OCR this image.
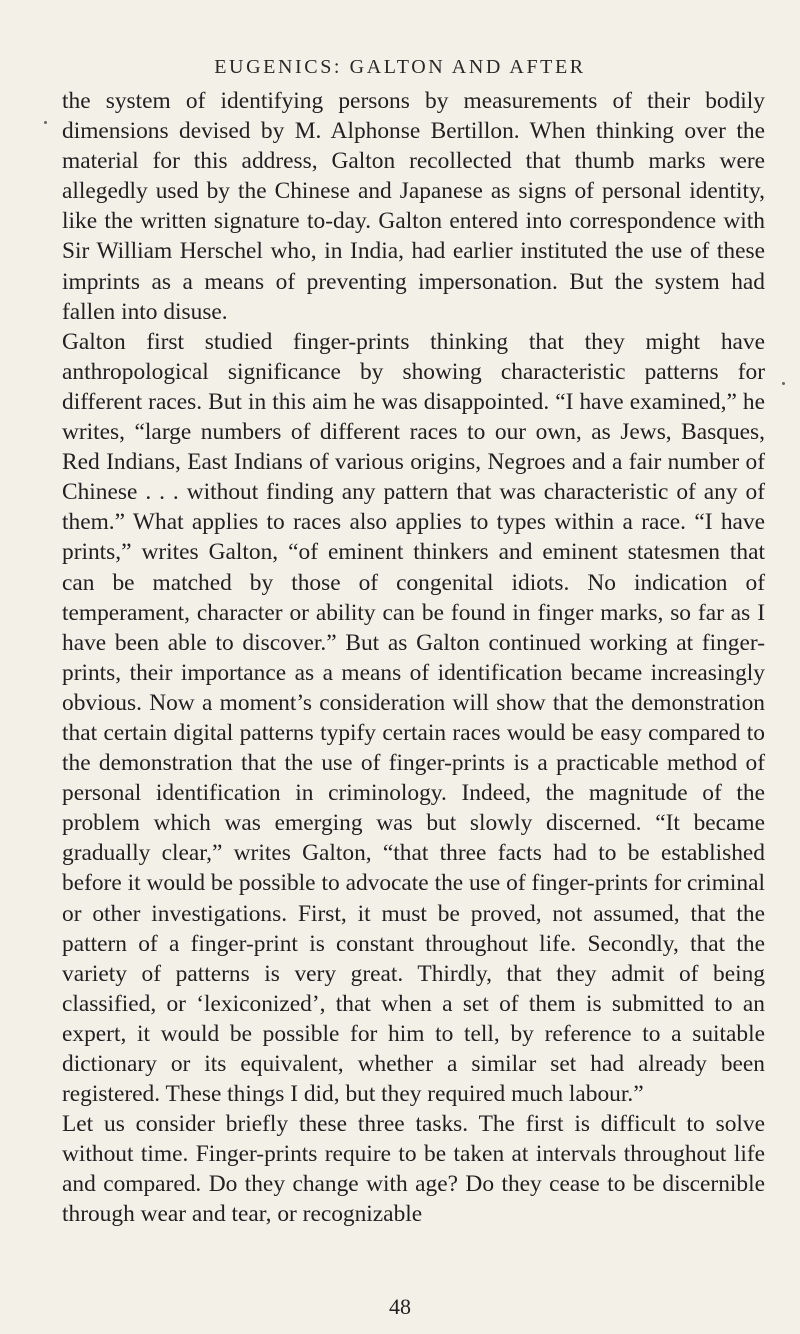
EUGENICS: GALTON AND AFTER

the system of identifying persons by measurements of their bodily dimensions devised by M. Alphonse Bertillon. When thinking over the material for this address, Galton recollected that thumb marks were allegedly used by the Chinese and Japanese as signs of personal identity, like the written signature to-day. Galton entered into correspondence with Sir William Herschel who, in India, had earlier instituted the use of these imprints as a means of preventing impersonation. But the system had fallen into disuse.

Galton first studied finger-prints thinking that they might have anthropological significance by showing characteristic patterns for different races. But in this aim he was disappointed. “I have examined,” he writes, “large numbers of different races to our own, as Jews, Basques, Red Indians, East Indians of various origins, Negroes and a fair number of Chinese . . . without finding any pattern that was characteristic of any of them.” What applies to races also applies to types within a race. “I have prints,” writes Galton, “of eminent thinkers and eminent statesmen that can be matched by those of congenital idiots. No indication of temperament, character or ability can be found in finger marks, so far as I have been able to discover.” But as Galton continued working at finger-prints, their importance as a means of identification became increasingly obvious. Now a moment’s consideration will show that the demonstration that certain digital patterns typify certain races would be easy compared to the demonstration that the use of finger-prints is a practicable method of personal identification in criminology. Indeed, the magnitude of the problem which was emerging was but slowly discerned. “It became gradually clear,” writes Galton, “that three facts had to be established before it would be possible to advocate the use of finger-prints for criminal or other investigations. First, it must be proved, not assumed, that the pattern of a finger-print is constant throughout life. Secondly, that the variety of patterns is very great. Thirdly, that they admit of being classified, or ‘lexiconized’, that when a set of them is submitted to an expert, it would be possible for him to tell, by reference to a suitable dictionary or its equivalent, whether a similar set had already been registered. These things I did, but they required much labour.”

Let us consider briefly these three tasks. The first is difficult to solve without time. Finger-prints require to be taken at intervals throughout life and compared. Do they change with age? Do they cease to be discernible through wear and tear, or recognizable

48
